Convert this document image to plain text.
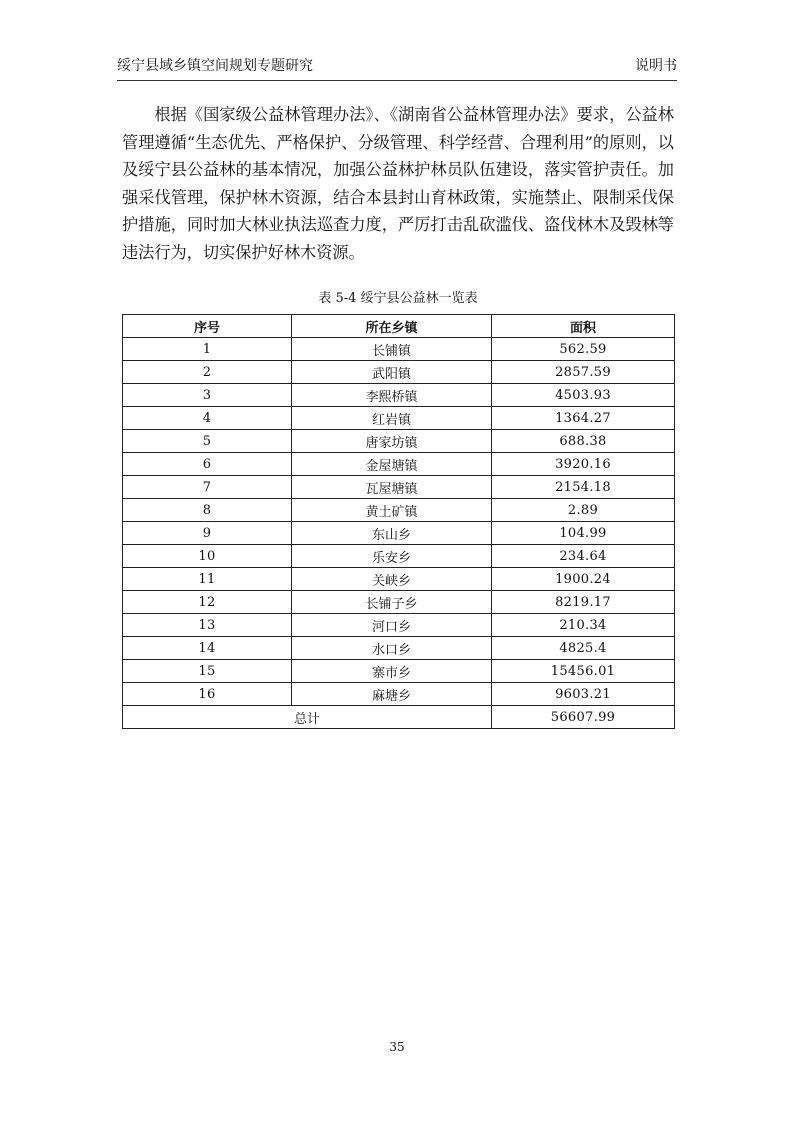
绥宁县域乡镇空间规划专题研究	说明书

根据《国家级公益林管理办法》、《湖南省公益林管理办法》要求，公益林管理遵循“生态优先、严格保护、分级管理、科学经营、合理利用”的原则，以及绥宁县公益林的基本情况，加强公益林护林员队伍建设，落实管护责任。加强采伐管理，保护林木资源，结合本县封山育林政策，实施禁止、限制采伐保护措施，同时加大林业执法巡查力度，严厉打击乱砍滥伐、盗伐林木及毁林等违法行为，切实保护好林木资源。

表 5-4 绥宁县公益林一览表
序号	所在乡镇	面积
1	长铺镇	562.59
2	武阳镇	2857.59
3	李熙桥镇	4503.93
4	红岩镇	1364.27
5	唐家坊镇	688.38
6	金屋塘镇	3920.16
7	瓦屋塘镇	2154.18
8	黄土矿镇	2.89
9	东山乡	104.99
10	乐安乡	234.64
11	关峡乡	1900.24
12	长铺子乡	8219.17
13	河口乡	210.34
14	水口乡	4825.4
15	寨市乡	15456.01
16	麻塘乡	9603.21
总计		56607.99
35
